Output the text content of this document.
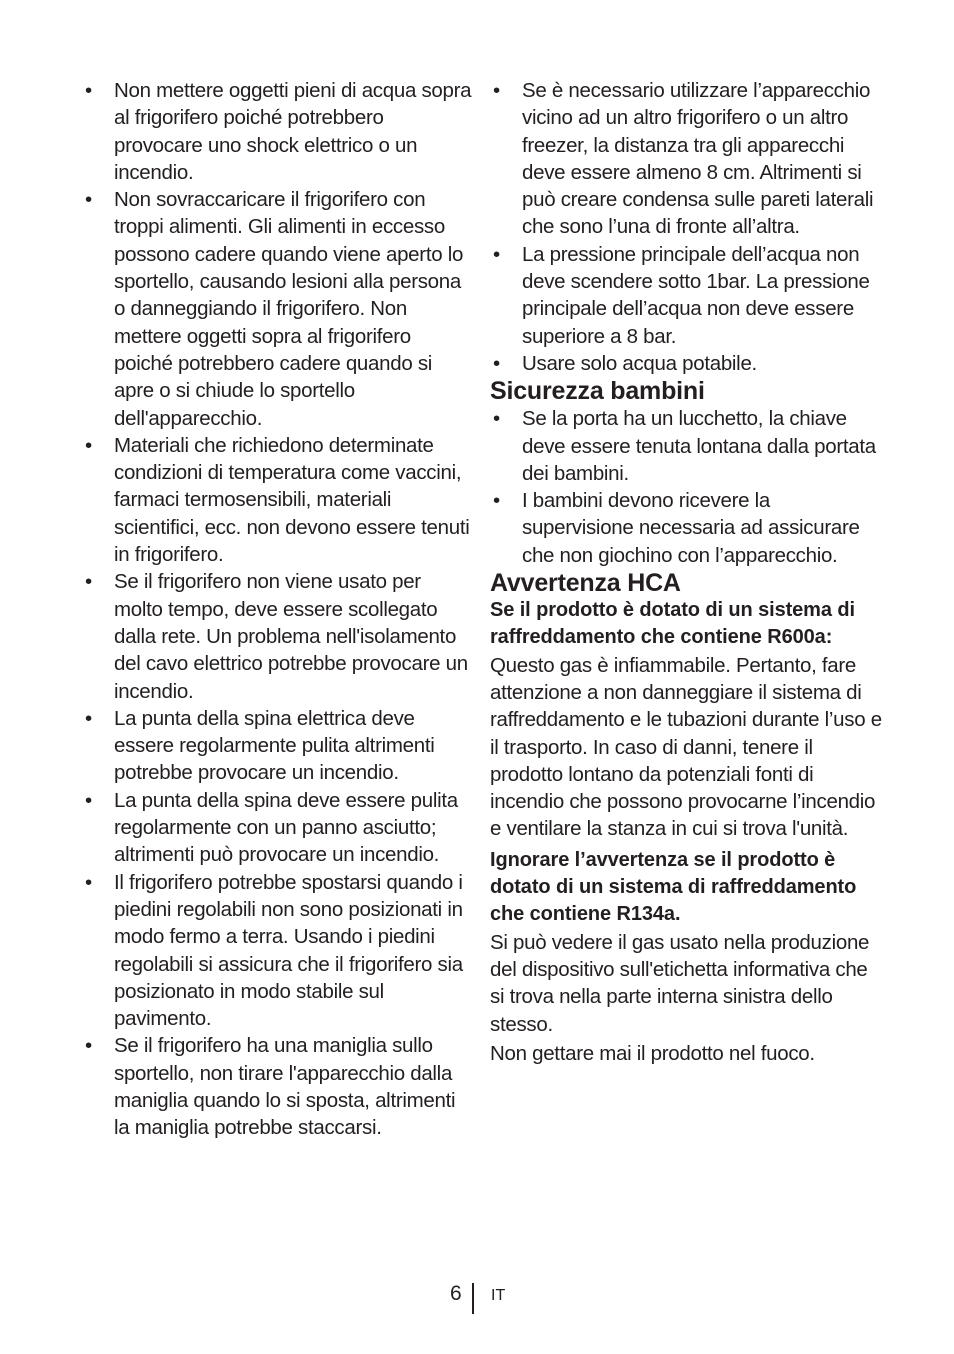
• Non mettere oggetti pieni di acqua sopra al frigorifero poiché potrebbero provocare uno shock elettrico o un incendio.
• Non sovraccaricare il frigorifero con troppi alimenti. Gli alimenti in eccesso possono cadere quando viene aperto lo sportello, causando lesioni alla persona o danneggiando il frigorifero. Non mettere oggetti sopra al frigorifero poiché potrebbero cadere quando si apre o si chiude lo sportello dell'apparecchio.
• Materiali che richiedono determinate condizioni di temperatura come vaccini, farmaci termosensibili, materiali scientifici, ecc. non devono essere tenuti in frigorifero.
• Se il frigorifero non viene usato per molto tempo, deve essere scollegato dalla rete. Un problema nell'isolamento del cavo elettrico potrebbe provocare un incendio.
• La punta della spina elettrica deve essere regolarmente pulita altrimenti potrebbe provocare un incendio.
• La punta della spina deve essere pulita regolarmente con un panno asciutto; altrimenti può provocare un incendio.
• Il frigorifero potrebbe spostarsi quando i piedini regolabili non sono posizionati in modo fermo a terra. Usando i piedini regolabili si assicura che il frigorifero sia posizionato in modo stabile sul pavimento.
• Se il frigorifero ha una maniglia sullo sportello, non tirare l'apparecchio dalla maniglia quando lo si sposta, altrimenti la maniglia potrebbe staccarsi.
• Se è necessario utilizzare l’apparecchio vicino ad un altro frigorifero o un altro freezer, la distanza tra gli apparecchi deve essere almeno 8 cm. Altrimenti si può creare condensa sulle pareti laterali che sono l’una di fronte all’altra.
• La pressione principale dell’acqua non deve scendere sotto 1bar. La pressione principale dell’acqua non deve essere superiore a 8 bar.
• Usare solo acqua potabile.
Sicurezza bambini
• Se la porta ha un lucchetto, la chiave deve essere tenuta lontana dalla portata dei bambini.
• I bambini devono ricevere la supervisione necessaria ad assicurare che non giochino con l’apparecchio.
Avvertenza HCA

Se il prodotto è dotato di un sistema di raffreddamento che contiene R600a:

Questo gas è infiammabile. Pertanto, fare attenzione a non danneggiare il sistema di raffreddamento e le tubazioni durante l’uso e il trasporto. In caso di danni, tenere il prodotto lontano da potenziali fonti di incendio che possono provocarne l’incendio e ventilare la stanza in cui si trova l'unità.

Ignorare l’avvertenza se il prodotto è dotato di un sistema di raffreddamento che contiene R134a.

Si può vedere il gas usato nella produzione del dispositivo sull'etichetta informativa che si trova nella parte interna sinistra dello stesso.

Non gettare mai il prodotto nel fuoco.

6 IT
